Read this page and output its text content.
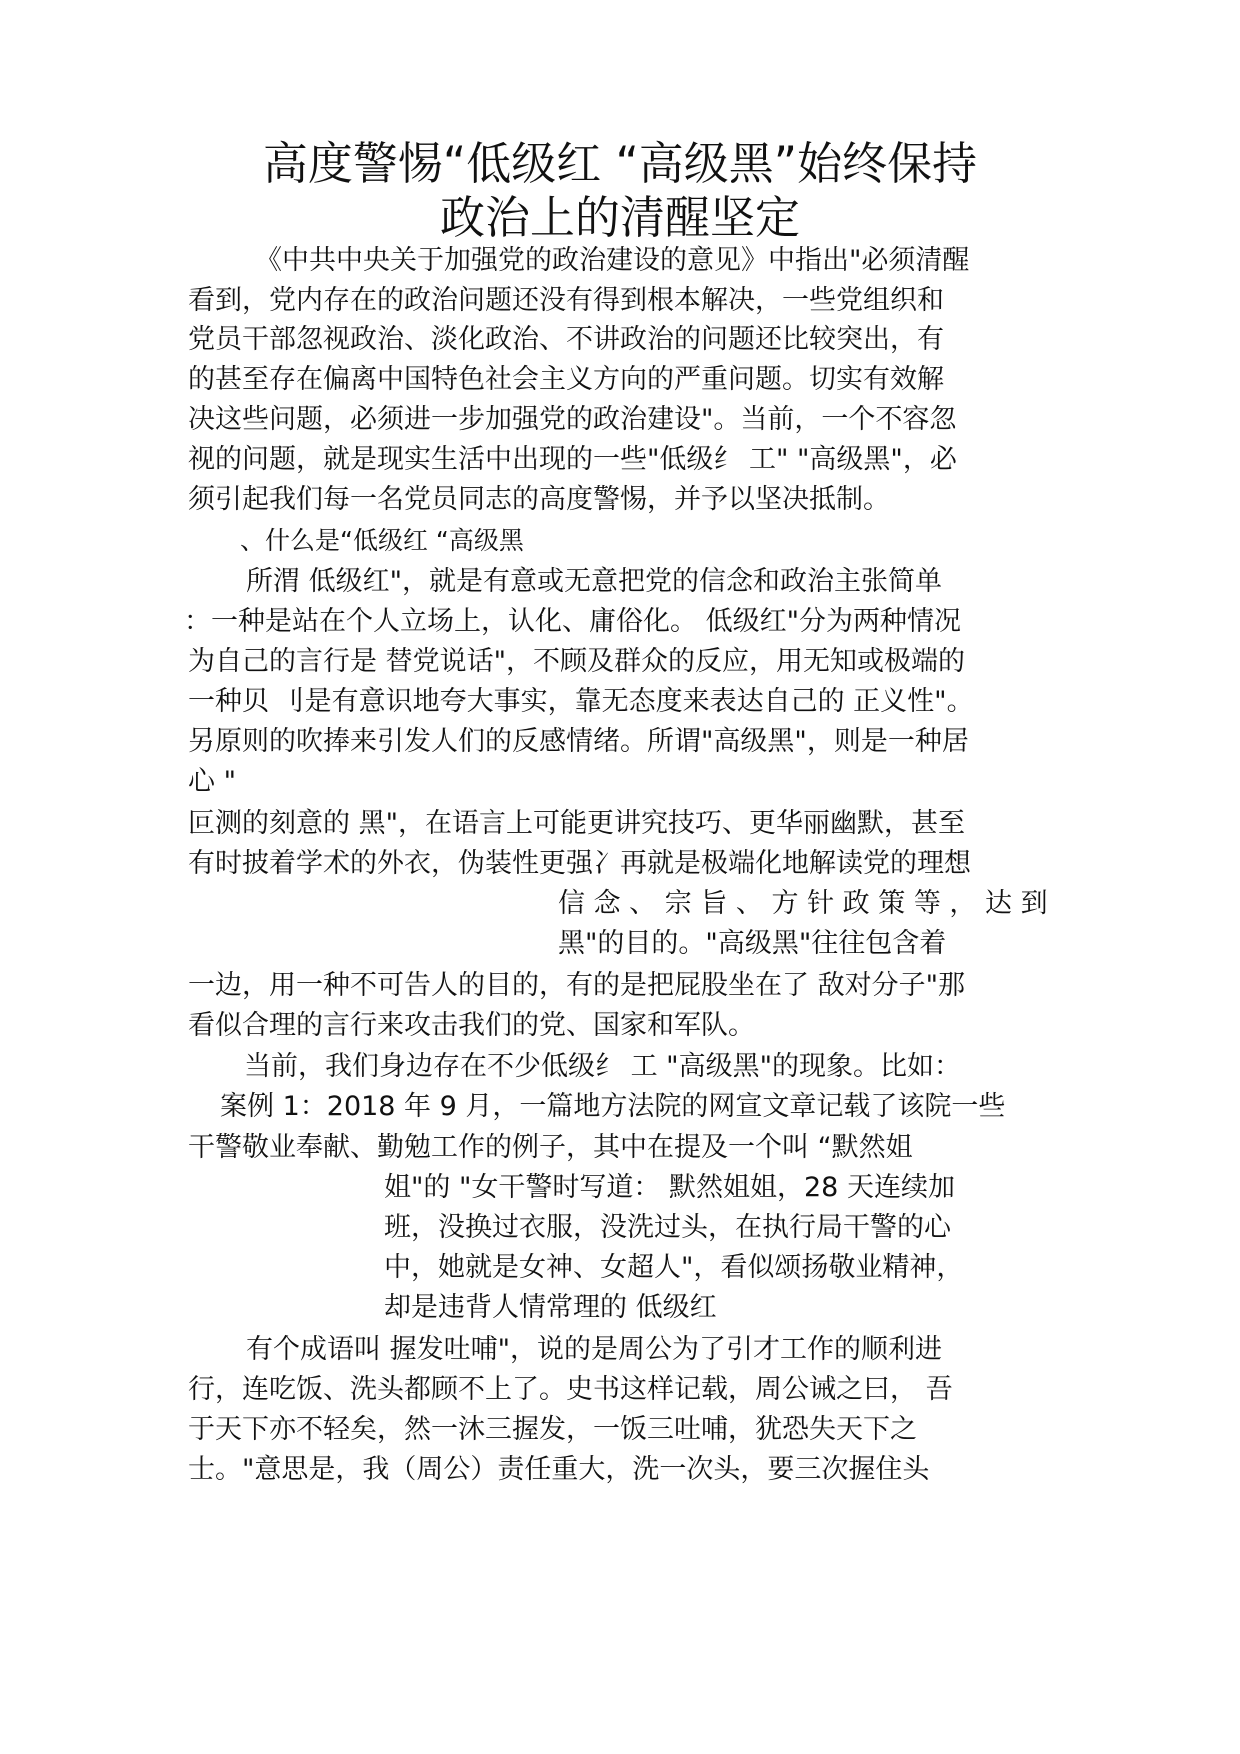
高度警惕“低级红 “高级黑”始终保持
政治上的清醒坚定
《中共中央关于加强党的政治建设的意见》中指出"必须清醒
看到，党内存在的政治问题还没有得到根本解决，一些党组织和
党员干部忽视政治、淡化政治、不讲政治的问题还比较突出，有
的甚至存在偏离中国特色社会主义方向的严重问题。切实有效解
决这些问题，必须进一步加强党的政治建设"。当前，一个不容忽
视的问题，就是现实生活中出现的一些"低级纟 工" "高级黑"，必
须引起我们每一名党员同志的高度警惕，并予以坚决抵制。
、什么是“低级红 “高级黑
所渭 低级红"，就是有意或无意把党的信念和政治主张简单
：一种是站在个人立场上，认化、庸俗化。 低级红"分为两种情况
为自己的言行是 替党说话"，不顾及群众的反应，用无知或极端的
一种贝 刂是有意识地夸大事实，靠无态度来表达自己的 正义性"。
另原则的吹捧来引发人们的反感情绪。所谓"高级黑"，则是一种居
心 "
叵测的刻意的 黑"，在语言上可能更讲究技巧、更华丽幽默，甚至
有时披着学术的外衣，伪装性更强冫再就是极端化地解读党的理想
信 念 、 宗 旨 、 方 针 政 策 等 ， 达 到
黑"的目的。"高级黑"往往包含着
一边，用一种不可告人的目的，有的是把屁股坐在了 敌对分子"那
看似合理的言行来攻击我们的党、国家和军队。
当前，我们身边存在不少低级纟 工 "高级黑"的现象。比如：
案例 1：2018 年 9 月，一篇地方法院的网宣文章记载了该院一些
干警敬业奉献、勤勉工作的例子，其中在提及一个叫 “默然姐
姐"的 "女干警时写道： 默然姐姐，28 天连续加
班，没换过衣服，没洗过头，在执行局干警的心
中，她就是女神、女超人"，看似颂扬敬业精神，
却是违背人情常理的 低级红
有个成语叫 握发吐哺"，说的是周公为了引才工作的顺利进
行，连吃饭、洗头都顾不上了。史书这样记载，周公诫之曰， 吾
于天下亦不轻矣，然一沐三握发，一饭三吐哺，犹恐失天下之
士。"意思是，我（周公）责任重大，洗一次头，要三次握住头
